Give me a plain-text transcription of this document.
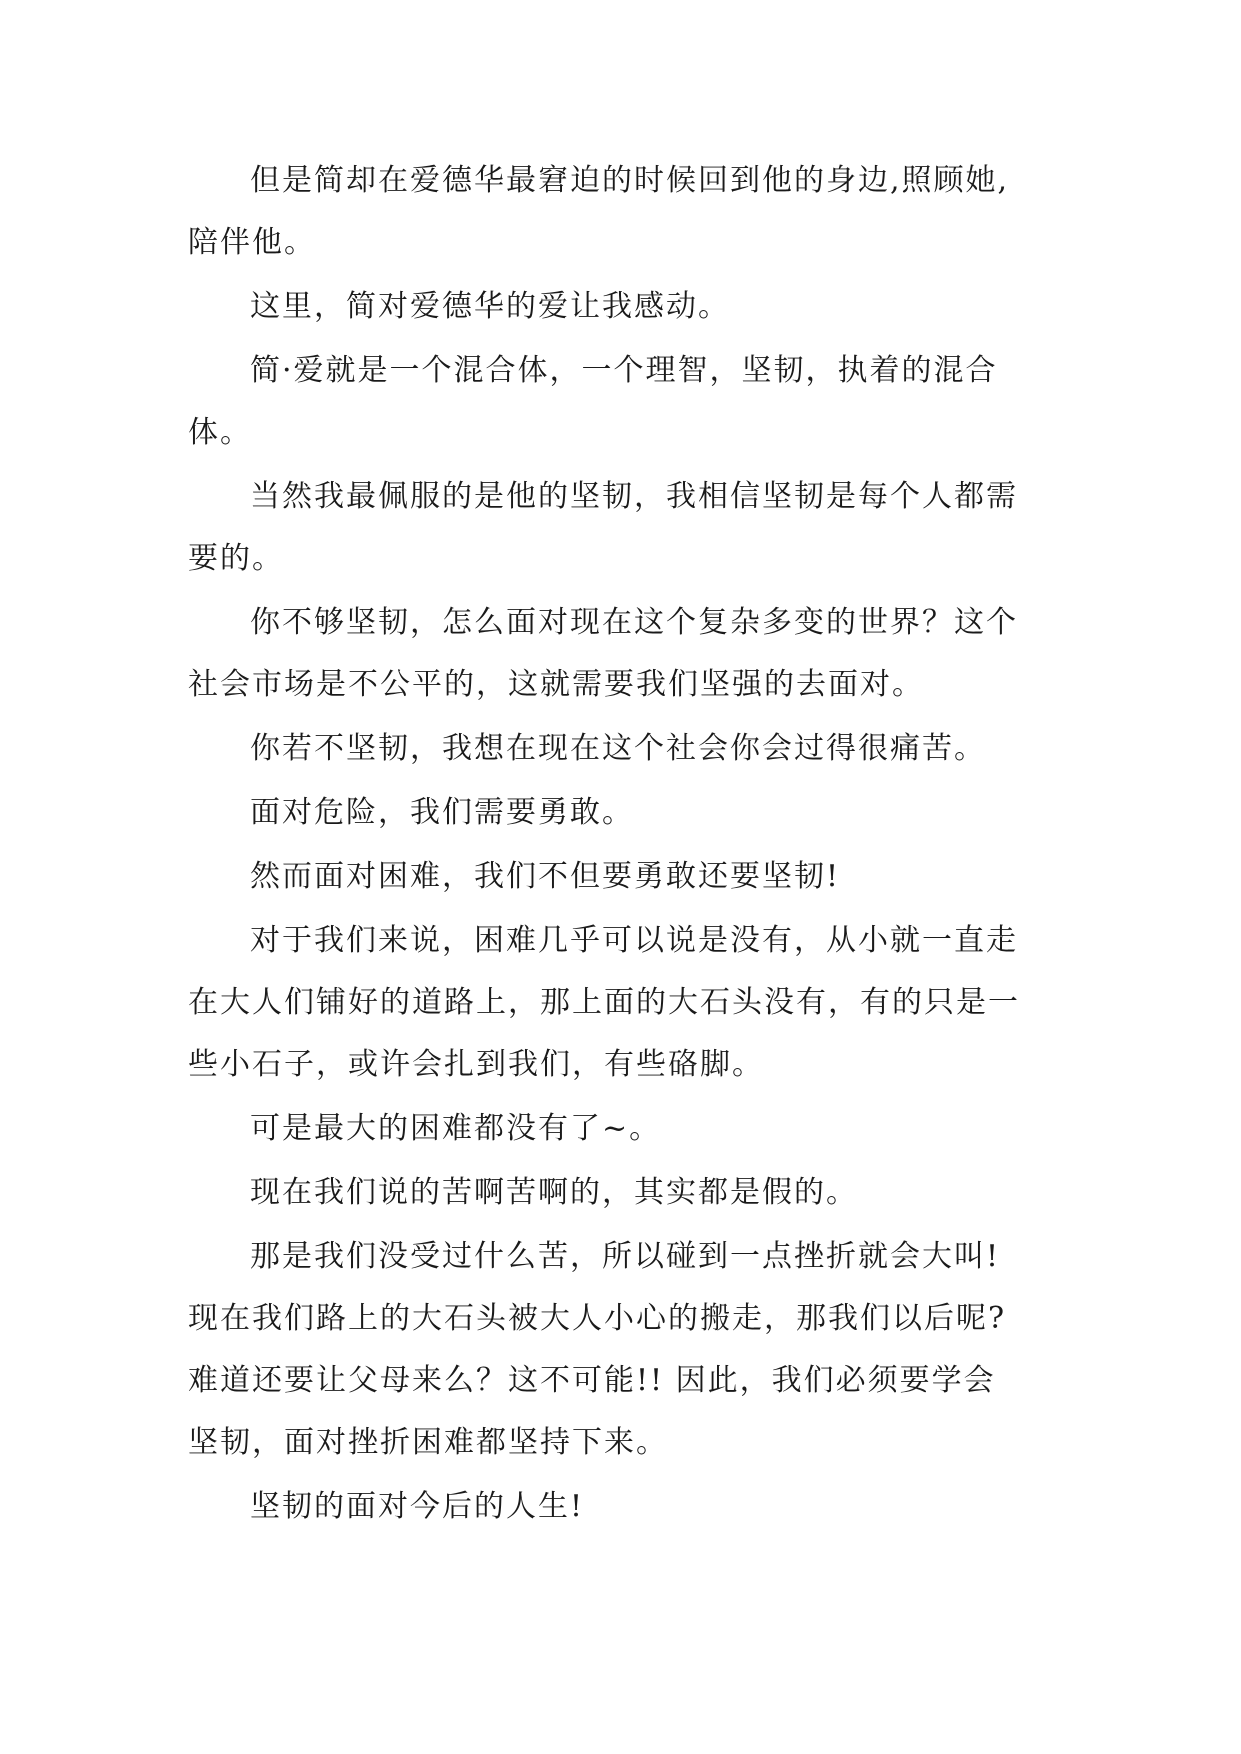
但是简却在爱德华最窘迫的时候回到他的身边,照顾她,
陪伴他。

这里，简对爱德华的爱让我感动。

简·爱就是一个混合体，一个理智，坚韧，执着的混合
体。

当然我最佩服的是他的坚韧，我相信坚韧是每个人都需
要的。

你不够坚韧，怎么面对现在这个复杂多变的世界？这个
社会市场是不公平的，这就需要我们坚强的去面对。

你若不坚韧，我想在现在这个社会你会过得很痛苦。

面对危险，我们需要勇敢。

然而面对困难，我们不但要勇敢还要坚韧!

对于我们来说，困难几乎可以说是没有，从小就一直走
在大人们铺好的道路上，那上面的大石头没有，有的只是一
些小石子，或许会扎到我们，有些硌脚。

可是最大的困难都没有了~。

现在我们说的苦啊苦啊的，其实都是假的。

那是我们没受过什么苦，所以碰到一点挫折就会大叫!
现在我们路上的大石头被大人小心的搬走，那我们以后呢?
难道还要让父母来么？这不可能!! 因此，我们必须要学会
坚韧，面对挫折困难都坚持下来。

坚韧的面对今后的人生!
